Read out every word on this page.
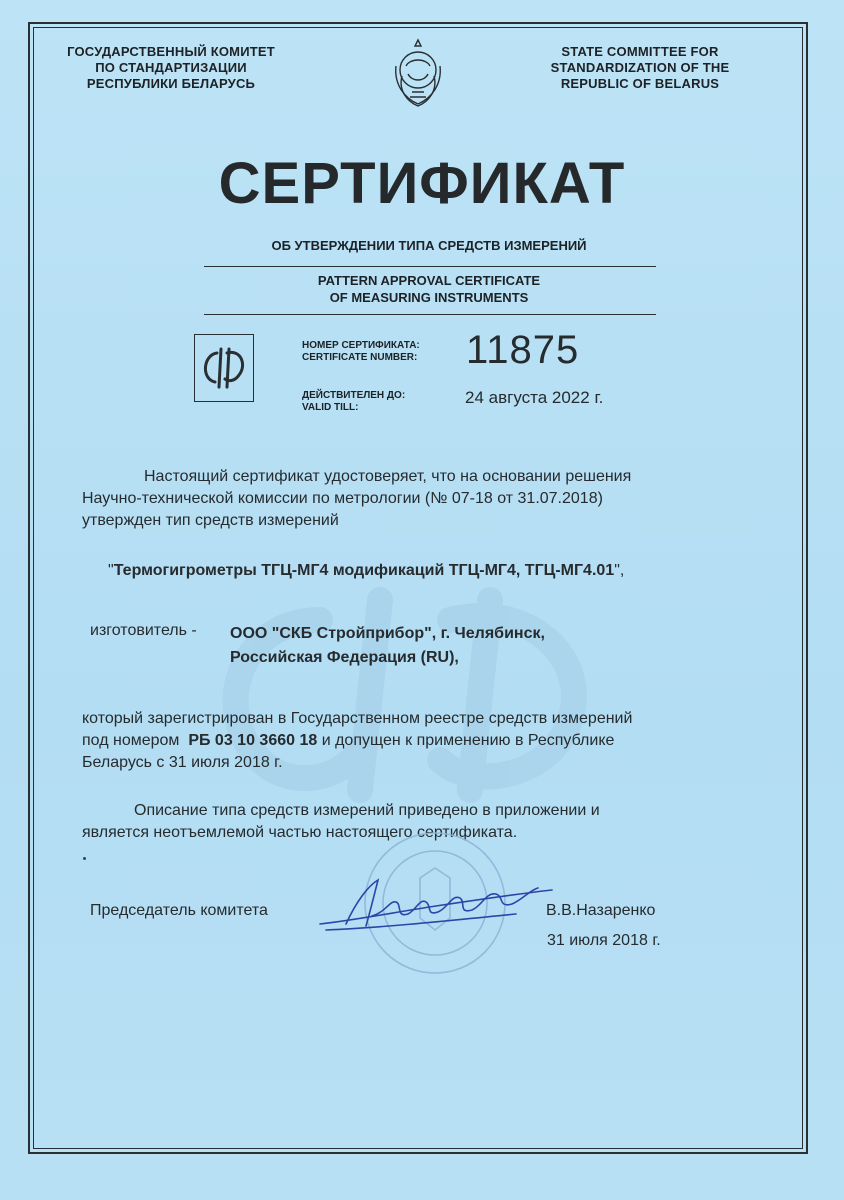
ГОСУДАРСТВЕННЫЙ КОМИТЕТ
ПО СТАНДАРТИЗАЦИИ
РЕСПУБЛИКИ БЕЛАРУСЬ
STATE COMMITTEE FOR
STANDARDIZATION OF THE
REPUBLIC OF BELARUS
СЕРТИФИКАТ
ОБ УТВЕРЖДЕНИИ ТИПА СРЕДСТВ ИЗМЕРЕНИЙ
PATTERN APPROVAL CERTIFICATE
OF MEASURING INSTRUMENTS
НОМЕР СЕРТИФИКАТА:
CERTIFICATE NUMBER: 11875
ДЕЙСТВИТЕЛЕН ДО:
VALID TILL:
24 августа 2022 г.
Настоящий сертификат удостоверяет, что на основании решения
Научно-технической комиссии по метрологии (№ 07-18 от 31.07.2018)
утвержден тип средств измерений
"Термогигрометры ТГЦ-МГ4 модификаций ТГЦ-МГ4, ТГЦ-МГ4.01",
изготовитель - ООО "СКБ Стройприбор", г. Челябинск,
Российская Федерация (RU),
который зарегистрирован в Государственном реестре средств измерений
под номером РБ 03 10 3660 18 и допущен к применению в Республике
Беларусь с 31 июля 2018 г.
Описание типа средств измерений приведено в приложении и
является неотъемлемой частью настоящего сертификата.
Председатель комитета	В.В.Назаренко
31 июля 2018 г.
